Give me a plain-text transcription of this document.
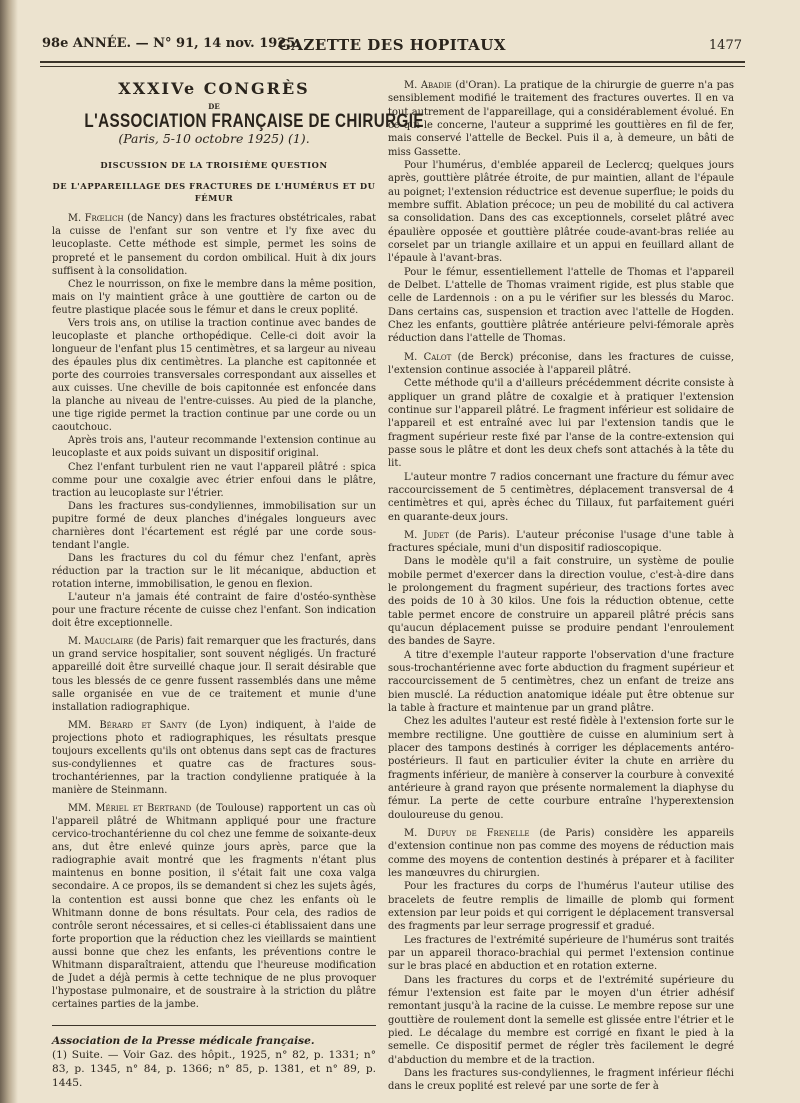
98e ANNÉE. — N° 91, 14 nov. 1925.
GAZETTE DES HOPITAUX	1477
XXXIVe CONGRÈS
DE
L'ASSOCIATION FRANÇAISE DE CHIRURGIE
(Paris, 5-10 octobre 1925) (1).
DISCUSSION DE LA TROISIÈME QUESTION
DE L'APPAREILLAGE DES FRACTURES DE L'HUMÉRUS ET DU FÉMUR

M. Frœlich (de Nancy) dans les fractures obstétricales, rabat la cuisse de l'enfant sur son ventre et l'y fixe avec du leucoplaste. Cette méthode est simple, permet les soins de propreté et le pansement du cordon ombilical. Huit à dix jours suffisent à la consolidation.

Chez le nourrisson, on fixe le membre dans la même position, mais on l'y maintient grâce à une gouttière de carton ou de feutre plastique placée sous le fémur et dans le creux poplité.

Vers trois ans, on utilise la traction continue avec bandes de leucoplaste et planche orthopédique. Celle-ci doit avoir la longueur de l'enfant plus 15 centimètres, et sa largeur au niveau des épaules plus dix centimètres. La planche est capitonnée et porte des courroies transversales correspondant aux aisselles et aux cuisses. Une cheville de bois capitonnée est enfoncée dans la planche au niveau de l'entre-cuisses. Au pied de la planche, une tige rigide permet la traction continue par une corde ou un caoutchouc.

Après trois ans, l'auteur recommande l'extension continue au leucoplaste et aux poids suivant un dispositif original.

Chez l'enfant turbulent rien ne vaut l'appareil plâtré : spica comme pour une coxalgie avec étrier enfoui dans le plâtre, traction au leucoplaste sur l'étrier.

Dans les fractures sus-condyliennes, immobilisation sur un pupitre formé de deux planches d'inégales longueurs avec charnières dont l'écartement est réglé par une corde sous-tendant l'angle.

Dans les fractures du col du fémur chez l'enfant, après réduction par la traction sur le lit mécanique, abduction et rotation interne, immobilisation, le genou en flexion.

L'auteur n'a jamais été contraint de faire d'ostéo-synthèse pour une fracture récente de cuisse chez l'enfant. Son indication doit être exceptionnelle.

M. Mauclaire (de Paris) fait remarquer que les fracturés, dans un grand service hospitalier, sont souvent négligés. Un fracturé appareillé doit être surveillé chaque jour. Il serait désirable que tous les blessés de ce genre fussent rassemblés dans une même salle organisée en vue de ce traitement et munie d'une installation radiographique.

MM. Bérard et Santy (de Lyon) indiquent, à l'aide de projections photo et radiographiques, les résultats presque toujours excellents qu'ils ont obtenus dans sept cas de fractures sus-condyliennes et quatre cas de fractures sous-trochantériennes, par la traction condylienne pratiquée à la manière de Steinmann.

MM. Mériel et Bertrand (de Toulouse) rapportent un cas où l'appareil plâtré de Whitmann appliqué pour une fracture cervico-trochantérienne du col chez une femme de soixante-deux ans, dut être enlevé quinze jours après, parce que la radiographie avait montré que les fragments n'étant plus maintenus en bonne position, il s'était fait une coxa valga secondaire. A ce propos, ils se demandent si chez les sujets âgés, la contention est aussi bonne que chez les enfants où le Whitmann donne de bons résultats. Pour cela, des radios de contrôle seront nécessaires, et si celles-ci établissaient dans une forte proportion que la réduction chez les vieillards se maintient aussi bonne que chez les enfants, les préventions contre le Whitmann disparaîtraient, attendu que l'heureuse modification de Judet a déjà permis à cette technique de ne plus provoquer l'hypostase pulmonaire, et de soustraire à la striction du plâtre certaines parties de la jambe.

Association de la Presse médicale française.

(1) Suite. — Voir Gaz. des hôpit., 1925, n° 82, p. 1331; n° 83, p. 1345, n° 84, p. 1366; n° 85, p. 1381, et n° 89, p. 1445.

M. Abadie (d'Oran). La pratique de la chirurgie de guerre n'a pas sensiblement modifié le traitement des fractures ouvertes. Il en va tout autrement de l'appareillage, qui a considérablement évolué. En ce qui le concerne, l'auteur a supprimé les gouttières en fil de fer, mais conservé l'attelle de Beckel. Puis il a, à demeure, un bâti de miss Gassette.

Pour l'humérus, d'emblée appareil de Leclercq; quelques jours après, gouttière plâtrée étroite, de pur maintien, allant de l'épaule au poignet; l'extension réductrice est devenue superflue; le poids du membre suffit. Ablation précoce; un peu de mobilité du cal activera sa consolidation. Dans des cas exceptionnels, corselet plâtré avec épaulière opposée et gouttière plâtrée coude-avant-bras reliée au corselet par un triangle axillaire et un appui en feuillard allant de l'épaule à l'avant-bras.

Pour le fémur, essentiellement l'attelle de Thomas et l'appareil de Delbet. L'attelle de Thomas vraiment rigide, est plus stable que celle de Lardennois : on a pu le vérifier sur les blessés du Maroc. Dans certains cas, suspension et traction avec l'attelle de Hogden. Chez les enfants, gouttière plâtrée antérieure pelvi-fémorale après réduction dans l'attelle de Thomas.

M. Calot (de Berck) préconise, dans les fractures de cuisse, l'extension continue associée à l'appareil plâtré.

Cette méthode qu'il a d'ailleurs précédemment décrite consiste à appliquer un grand plâtre de coxalgie et à pratiquer l'extension continue sur l'appareil plâtré. Le fragment inférieur est solidaire de l'appareil et est entraîné avec lui par l'extension tandis que le fragment supérieur reste fixé par l'anse de la contre-extension qui passe sous le plâtre et dont les deux chefs sont attachés à la tête du lit.

L'auteur montre 7 radios concernant une fracture du fémur avec raccourcissement de 5 centimètres, déplacement transversal de 4 centimètres et qui, après échec du Tillaux, fut parfaitement guéri en quarante-deux jours.

M. Judet (de Paris). L'auteur préconise l'usage d'une table à fractures spéciale, muni d'un dispositif radioscopique.

Dans le modèle qu'il a fait construire, un système de poulie mobile permet d'exercer dans la direction voulue, c'est-à-dire dans le prolongement du fragment supérieur, des tractions fortes avec des poids de 10 à 30 kilos. Une fois la réduction obtenue, cette table permet encore de construire un appareil plâtré précis sans qu'aucun déplacement puisse se produire pendant l'enroulement des bandes de Sayre.

A titre d'exemple l'auteur rapporte l'observation d'une fracture sous-trochantérienne avec forte abduction du fragment supérieur et raccourcissement de 5 centimètres, chez un enfant de treize ans bien musclé. La réduction anatomique idéale put être obtenue sur la table à fracture et maintenue par un grand plâtre.

Chez les adultes l'auteur est resté fidèle à l'extension forte sur le membre rectiligne. Une gouttière de cuisse en aluminium sert à placer des tampons destinés à corriger les déplacements antéro-postérieurs. Il faut en particulier éviter la chute en arrière du fragments inférieur, de manière à conserver la courbure à convexité antérieure à grand rayon que présente normalement la diaphyse du fémur. La perte de cette courbure entraîne l'hyperextension douloureuse du genou.

M. Dupuy de Frenelle (de Paris) considère les appareils d'extension continue non pas comme des moyens de réduction mais comme des moyens de contention destinés à préparer et à faciliter les manœuvres du chirurgien.

Pour les fractures du corps de l'humérus l'auteur utilise des bracelets de feutre remplis de limaille de plomb qui forment extension par leur poids et qui corrigent le déplacement transversal des fragments par leur serrage progressif et gradué.

Les fractures de l'extrémité supérieure de l'humérus sont traités par un appareil thoraco-brachial qui permet l'extension continue sur le bras placé en abduction et en rotation externe.

Dans les fractures du corps et de l'extrémité supérieure du fémur l'extension est faite par le moyen d'un étrier adhésif remontant jusqu'à la racine de la cuisse. Le membre repose sur une gouttière de roulement dont la semelle est glissée entre l'étrier et le pied. Le décalage du membre est corrigé en fixant le pied à la semelle. Ce dispositif permet de régler très facilement le degré d'abduction du membre et de la traction.

Dans les fractures sus-condyliennes, le fragment inférieur fléchi dans le creux poplité est relevé par une sorte de fer à
